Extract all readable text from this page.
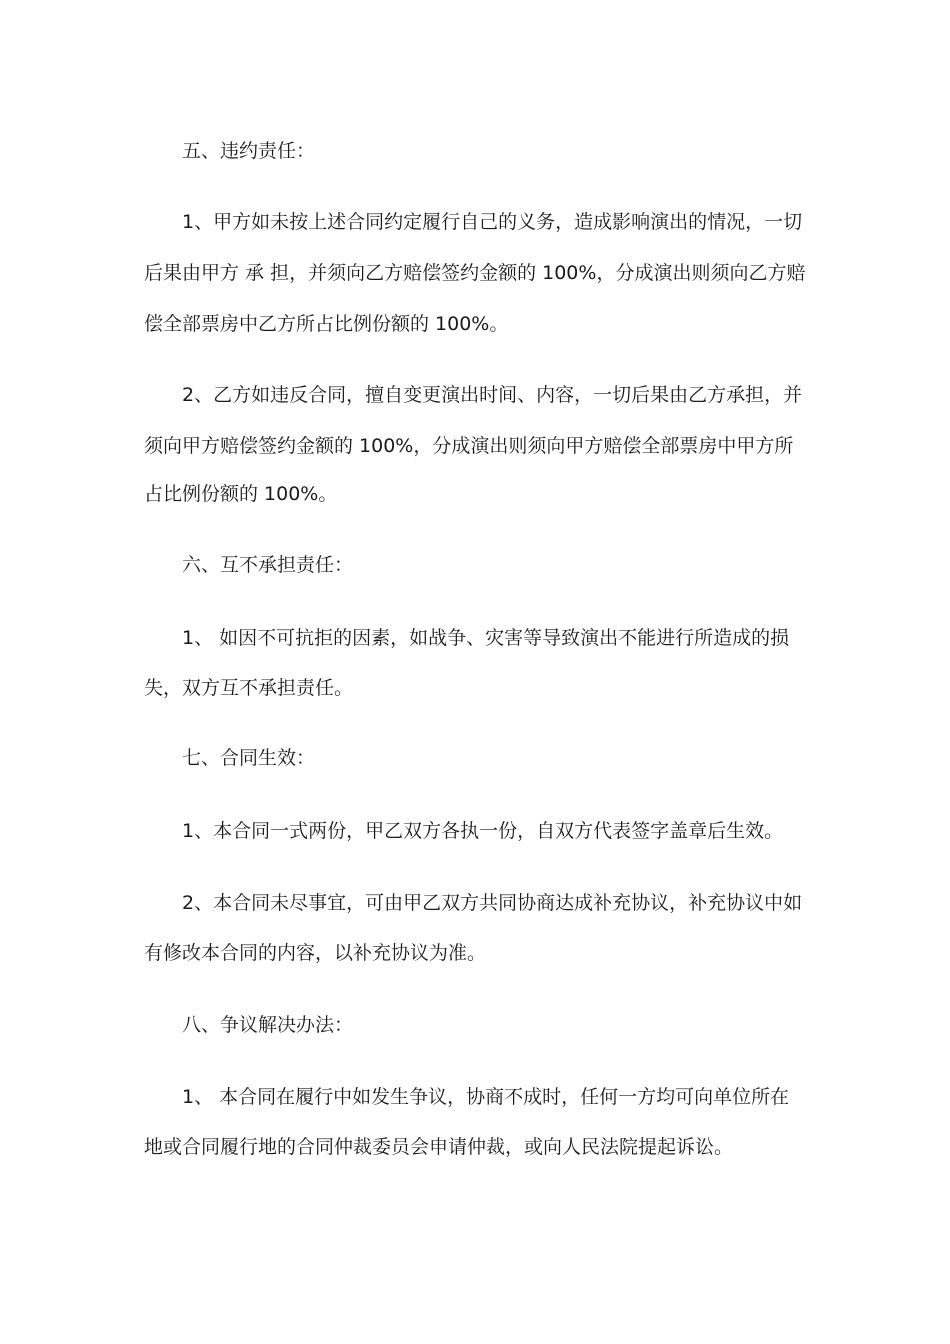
五、违约责任：
1、甲方如未按上述合同约定履行自己的义务，造成影响演出的情况，一切
后果由甲方 承 担，并须向乙方赔偿签约金额的 100%，分成演出则须向乙方赔
偿全部票房中乙方所占比例份额的 100%。
2、乙方如违反合同，擅自变更演出时间、内容，一切后果由乙方承担，并
须向甲方赔偿签约金额的 100%，分成演出则须向甲方赔偿全部票房中甲方所
占比例份额的 100%。
六、互不承担责任：
1、 如因不可抗拒的因素，如战争、灾害等导致演出不能进行所造成的损
失，双方互不承担责任。
七、合同生效：
1、本合同一式两份，甲乙双方各执一份，自双方代表签字盖章后生效。
2、本合同未尽事宜，可由甲乙双方共同协商达成补充协议，补充协议中如
有修改本合同的内容，以补充协议为准。
八、争议解决办法：
1、 本合同在履行中如发生争议，协商不成时，任何一方均可向单位所在
地或合同履行地的合同仲裁委员会申请仲裁，或向人民法院提起诉讼。
